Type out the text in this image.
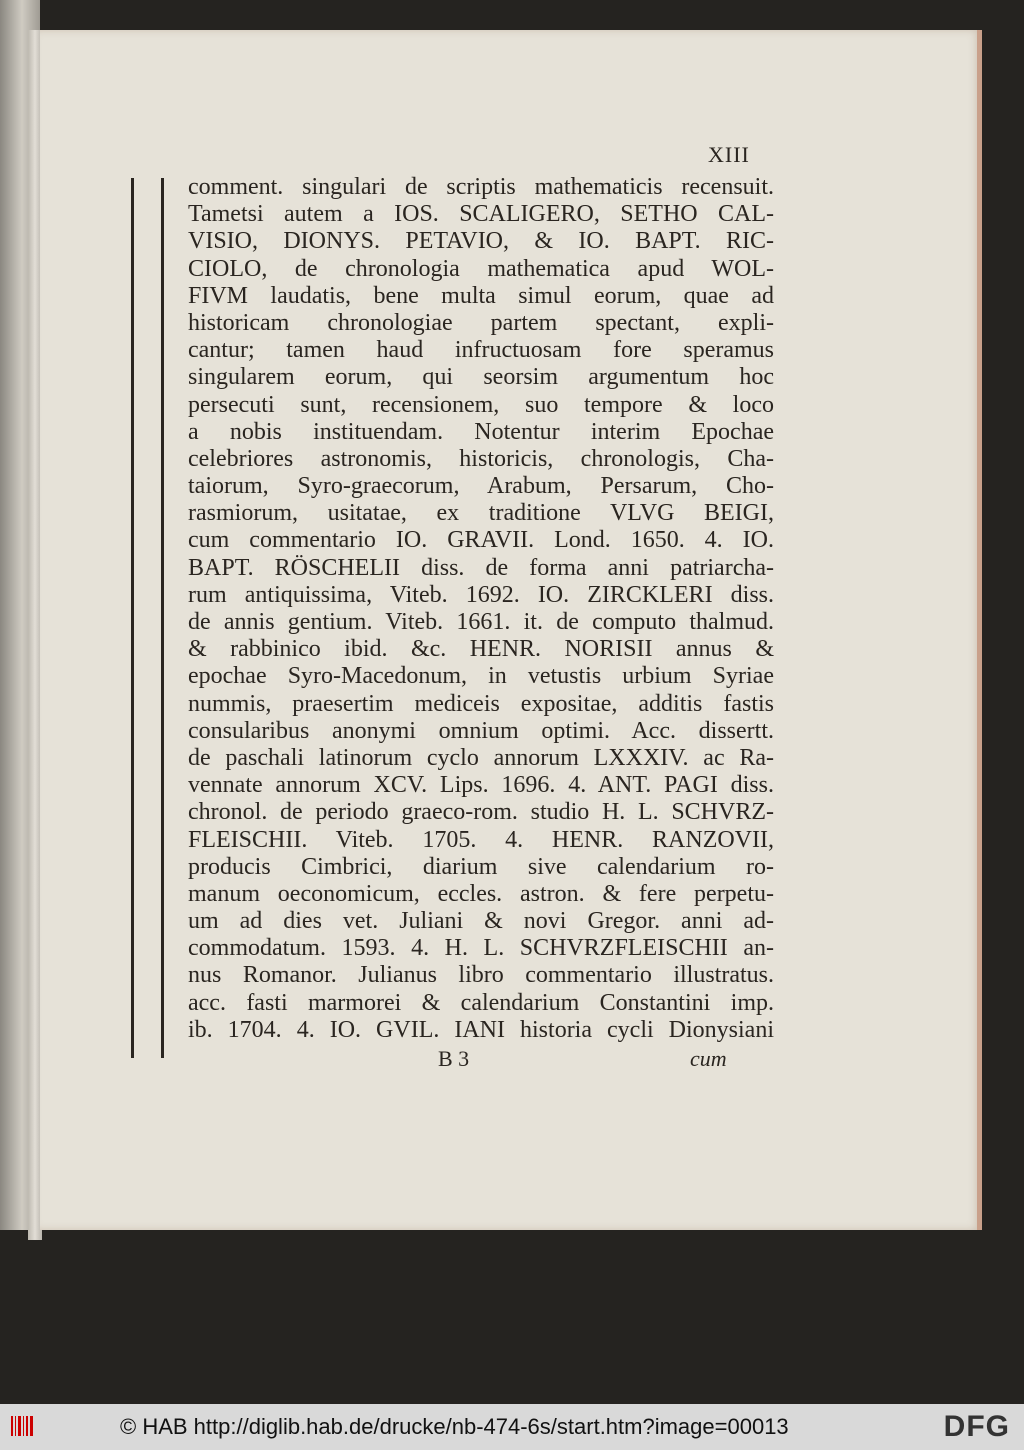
XIII
comment. singulari de scriptis mathematicis recensuit.
Tametsi autem a IOS. SCALIGERO, SETHO CAL-
VISIO, DIONYS. PETAVIO, & IO. BAPT. RIC-
CIOLO, de chronologia mathematica apud WOL-
FIVM laudatis, bene multa simul eorum, quae ad
historicam chronologiae partem spectant, expli-
cantur; tamen haud infructuosam fore speramus
singularem eorum, qui seorsim argumentum hoc
persecuti sunt, recensionem, suo tempore & loco
a nobis instituendam. Notentur interim Epochae
celebriores astronomis, historicis, chronologis, Cha-
taiorum, Syro-graecorum, Arabum, Persarum, Cho-
rasmiorum, usitatae, ex traditione VLVG BEIGI,
cum commentario IO. GRAVII. Lond. 1650. 4. IO.
BAPT. RÖSCHELII diss. de forma anni patriarcha-
rum antiquissima, Viteb. 1692. IO. ZIRCKLERI diss.
de annis gentium. Viteb. 1661. it. de computo thalmud.
& rabbinico ibid. &c. HENR. NORISII annus &
epochae Syro-Macedonum, in vetustis urbium Syriae
nummis, praesertim mediceis expositae, additis fastis
consularibus anonymi omnium optimi. Acc. dissertt.
de paschali latinorum cyclo annorum LXXXIV. ac Ra-
vennate annorum XCV. Lips. 1696. 4. ANT. PAGI diss.
chronol. de periodo graeco-rom. studio H. L. SCHVRZ-
FLEISCHII. Viteb. 1705. 4. HENR. RANZOVII,
producis Cimbrici, diarium sive calendarium ro-
manum oeconomicum, eccles. astron. & fere perpetu-
um ad dies vet. Juliani & novi Gregor. anni ad-
commodatum. 1593. 4. H. L. SCHVRZFLEISCHII an-
nus Romanor. Julianus libro commentario illustratus.
acc. fasti marmorei & calendarium Constantini imp.
ib. 1704. 4. IO. GVIL. IANI historia cycli Dionysiani
B 3	cum
© HAB http://diglib.hab.de/drucke/nb-474-6s/start.htm?image=00013	DFG
